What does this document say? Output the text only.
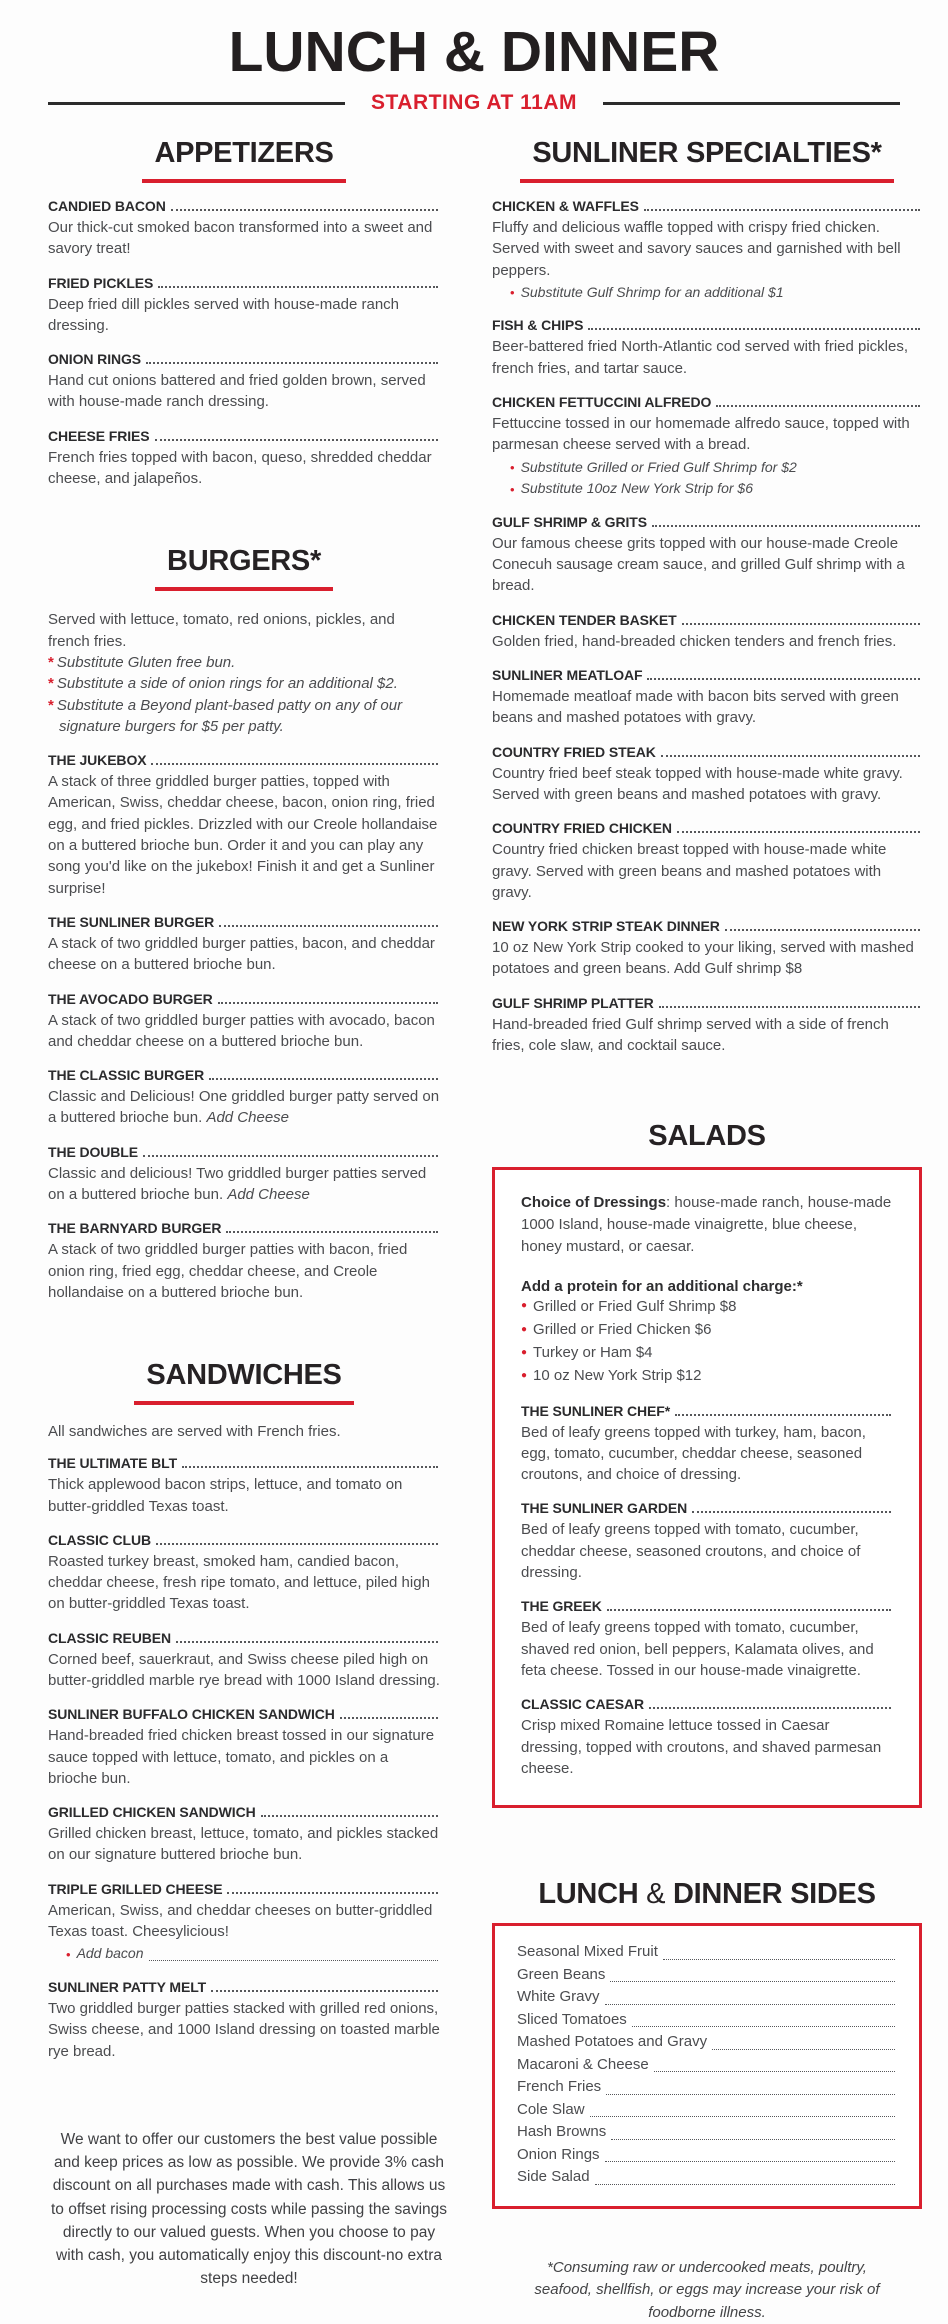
LUNCH & DINNER
STARTING AT 11AM
APPETIZERS
CANDIED BACON
Our thick-cut smoked bacon transformed into a sweet and savory treat!
FRIED PICKLES
Deep fried dill pickles served with house-made ranch dressing.
ONION RINGS
Hand cut onions battered and fried golden brown, served with house-made ranch dressing.
CHEESE FRIES
French fries topped with bacon, queso, shredded cheddar cheese, and jalapeños.
BURGERS*

Served with lettuce, tomato, red onions, pickles, and french fries.

* Substitute Gluten free bun.

* Substitute a side of onion rings for an additional $2.

* Substitute a Beyond plant-based patty on any of our signature burgers for $5 per patty.

THE JUKEBOX
A stack of three griddled burger patties, topped with American, Swiss, cheddar cheese, bacon, onion ring, fried egg, and fried pickles. Drizzled with our Creole hollandaise on a buttered brioche bun. Order it and you can play any song you'd like on the jukebox! Finish it and get a Sunliner surprise!
THE SUNLINER BURGER
A stack of two griddled burger patties, bacon, and cheddar cheese on a buttered brioche bun.
THE AVOCADO BURGER
A stack of two griddled burger patties with avocado, bacon and cheddar cheese on a buttered brioche bun.
THE CLASSIC BURGER
Classic and Delicious! One griddled burger patty served on a buttered brioche bun. Add Cheese
THE DOUBLE
Classic and delicious! Two griddled burger patties served on a buttered brioche bun. Add Cheese
THE BARNYARD BURGER
A stack of two griddled burger patties with bacon, fried onion ring, fried egg, cheddar cheese, and Creole hollandaise on a buttered brioche bun.
SANDWICHES

All sandwiches are served with French fries.

THE ULTIMATE BLT
Thick applewood bacon strips, lettuce, and tomato on butter-griddled Texas toast.
CLASSIC CLUB
Roasted turkey breast, smoked ham, candied bacon, cheddar cheese, fresh ripe tomato, and lettuce, piled high on butter-griddled Texas toast.
CLASSIC REUBEN
Corned beef, sauerkraut, and Swiss cheese piled high on butter-griddled marble rye bread with 1000 Island dressing.
SUNLINER BUFFALO CHICKEN SANDWICH
Hand-breaded fried chicken breast tossed in our signature sauce topped with lettuce, tomato, and pickles on a brioche bun.
GRILLED CHICKEN SANDWICH
Grilled chicken breast, lettuce, tomato, and pickles stacked on our signature buttered brioche bun.
TRIPLE GRILLED CHEESE
American, Swiss, and cheddar cheeses on butter-griddled Texas toast. Cheesylicious!
• Add bacon
SUNLINER PATTY MELT
Two griddled burger patties stacked with grilled red onions, Swiss cheese, and 1000 Island dressing on toasted marble rye bread.

We want to offer our customers the best value possible and keep prices as low as possible. We provide 3% cash discount on all purchases made with cash. This allows us to offset rising processing costs while passing the savings directly to our valued guests. When you choose to pay with cash, you automatically enjoy this discount-no extra steps needed!

SUNLINER SPECIALTIES*
CHICKEN & WAFFLES
Fluffy and delicious waffle topped with crispy fried chicken. Served with sweet and savory sauces and garnished with bell peppers.
• Substitute Gulf Shrimp for an additional $1
FISH & CHIPS
Beer-battered fried North-Atlantic cod served with fried pickles, french fries, and tartar sauce.
CHICKEN FETTUCCINI ALFREDO
Fettuccine tossed in our homemade alfredo sauce, topped with parmesan cheese served with a bread.
• Substitute Grilled or Fried Gulf Shrimp for $2
• Substitute 10oz New York Strip for $6
GULF SHRIMP & GRITS
Our famous cheese grits topped with our house-made Creole Conecuh sausage cream sauce, and grilled Gulf shrimp with a bread.
CHICKEN TENDER BASKET
Golden fried, hand-breaded chicken tenders and french fries.
SUNLINER MEATLOAF
Homemade meatloaf made with bacon bits served with green beans and mashed potatoes with gravy.
COUNTRY FRIED STEAK
Country fried beef steak topped with house-made white gravy. Served with green beans and mashed potatoes with gravy.
COUNTRY FRIED CHICKEN
Country fried chicken breast topped with house-made white gravy. Served with green beans and mashed potatoes with gravy.
NEW YORK STRIP STEAK DINNER
10 oz New York Strip cooked to your liking, served with mashed potatoes and green beans. Add Gulf shrimp $8
GULF SHRIMP PLATTER
Hand-breaded fried Gulf shrimp served with a side of french fries, cole slaw, and cocktail sauce.
SALADS

Choice of Dressings: house-made ranch, house-made 1000 Island, house-made vinaigrette, blue cheese, honey mustard, or caesar.

Add a protein for an additional charge:*

● Grilled or Fried Gulf Shrimp $8
● Grilled or Fried Chicken $6
● Turkey or Ham $4
● 10 oz New York Strip $12
THE SUNLINER CHEF*
Bed of leafy greens topped with turkey, ham, bacon, egg, tomato, cucumber, cheddar cheese, seasoned croutons, and choice of dressing.
THE SUNLINER GARDEN
Bed of leafy greens topped with tomato, cucumber, cheddar cheese, seasoned croutons, and choice of dressing.
THE GREEK
Bed of leafy greens topped with tomato, cucumber, shaved red onion, bell peppers, Kalamata olives, and feta cheese. Tossed in our house-made vinaigrette.
CLASSIC CAESAR
Crisp mixed Romaine lettuce tossed in Caesar dressing, topped with croutons, and shaved parmesan cheese.
LUNCH & DINNER SIDES
Seasonal Mixed Fruit
Green Beans
White Gravy
Sliced Tomatoes
Mashed Potatoes and Gravy
Macaroni & Cheese
French Fries
Cole Slaw
Hash Browns
Onion Rings
Side Salad

*Consuming raw or undercooked meats, poultry, seafood, shellfish, or eggs may increase your risk of foodborne illness.
